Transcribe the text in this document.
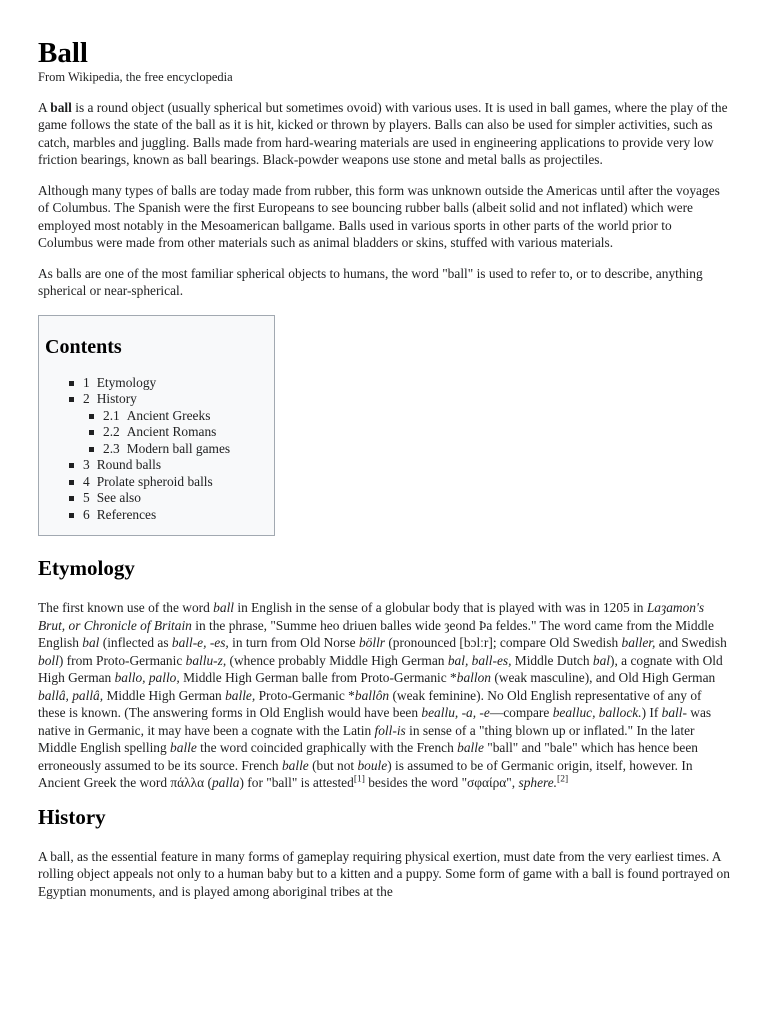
Ball
From Wikipedia, the free encyclopedia

A ball is a round object (usually spherical but sometimes ovoid) with various uses. It is used in ball games, where the play of the game follows the state of the ball as it is hit, kicked or thrown by players. Balls can also be used for simpler activities, such as catch, marbles and juggling. Balls made from hard-wearing materials are used in engineering applications to provide very low friction bearings, known as ball bearings. Black-powder weapons use stone and metal balls as projectiles.

Although many types of balls are today made from rubber, this form was unknown outside the Americas until after the voyages of Columbus. The Spanish were the first Europeans to see bouncing rubber balls (albeit solid and not inflated) which were employed most notably in the Mesoamerican ballgame. Balls used in various sports in other parts of the world prior to Columbus were made from other materials such as animal bladders or skins, stuffed with various materials.

As balls are one of the most familiar spherical objects to humans, the word "ball" is used to refer to, or to describe, anything spherical or near-spherical.

Contents
1 Etymology
2 History
2.1 Ancient Greeks
2.2 Ancient Romans
2.3 Modern ball games
3 Round balls
4 Prolate spheroid balls
5 See also
6 References
Etymology

The first known use of the word ball in English in the sense of a globular body that is played with was in 1205 in Laȝamon's Brut, or Chronicle of Britain in the phrase, "Summe heo driuen balles wide ȝeond Þa feldes." The word came from the Middle English bal (inflected as ball-e, -es, in turn from Old Norse böllr (pronounced [bɔlːr]; compare Old Swedish baller, and Swedish boll) from Proto-Germanic ballu-z, (whence probably Middle High German bal, ball-es, Middle Dutch bal), a cognate with Old High German ballo, pallo, Middle High German balle from Proto-Germanic *ballon (weak masculine), and Old High German ballâ, pallâ, Middle High German balle, Proto-Germanic *ballôn (weak feminine). No Old English representative of any of these is known. (The answering forms in Old English would have been beallu, -a, -e—compare bealluc, ballock.) If ball- was native in Germanic, it may have been a cognate with the Latin foll-is in sense of a "thing blown up or inflated." In the later Middle English spelling balle the word coincided graphically with the French balle "ball" and "bale" which has hence been erroneously assumed to be its source. French balle (but not boule) is assumed to be of Germanic origin, itself, however. In Ancient Greek the word πάλλα (palla) for "ball" is attested[1] besides the word "σφαίρα", sphere.[2]

History

A ball, as the essential feature in many forms of gameplay requiring physical exertion, must date from the very earliest times. A rolling object appeals not only to a human baby but to a kitten and a puppy. Some form of game with a ball is found portrayed on Egyptian monuments, and is played among aboriginal tribes at the
